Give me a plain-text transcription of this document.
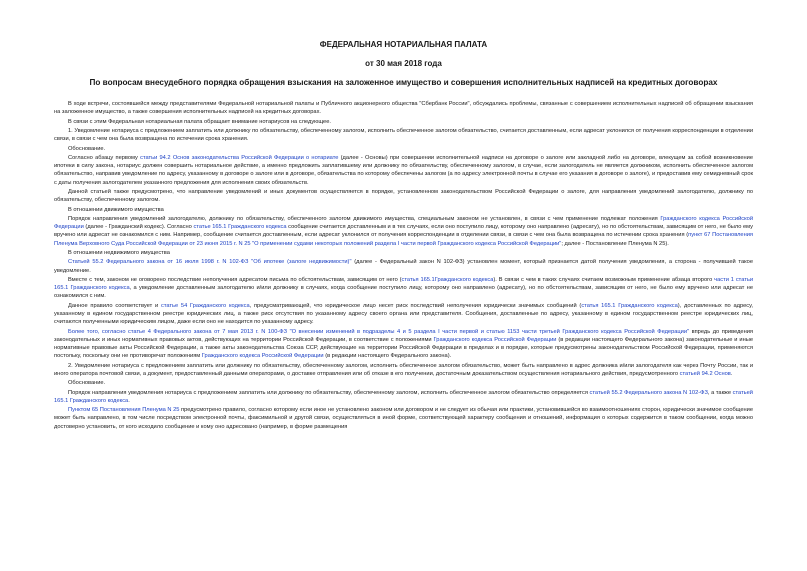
ФЕДЕРАЛЬНАЯ НОТАРИАЛЬНАЯ ПАЛАТА

от 30 мая 2018 года

По вопросам внесудебного порядка обращения взыскания на заложенное имущество и совершения исполнительных надписей на кредитных договорах

В ходе встречи, состоявшейся между представителями Федеральной нотариальной палаты и Публичного акционерного общества "Сбербанк России", обсуждались проблемы, связанные с совершением исполнительных надписей об обращении взыскания на заложенное имущество, а также совершения исполнительных надписей на кредитных договорах.

В связи с этим Федеральная нотариальная палата обращает внимание нотариусов на следующее.

1. Уведомление нотариуса с предложением заплатить или должнику по обязательству, обеспеченному залогом, исполнить обеспеченное залогом обязательство, считается доставленным, если адресат уклонился от получения корреспонденции в отделении связи, в связи с чем она была возвращена по истечении срока хранения.

Обоснование.

Согласно абзацу первому статьи 94.2 Основ законодательства Российской Федерации о нотариате (далее - Основы) при совершении исполнительной надписи на договоре о залоге или закладной либо на договоре, влекущем за собой возникновение ипотеки в силу закона, нотариус должен совершить нотариальное действие, а именно предложить заплатившему или должнику по обязательству, обеспеченному залогом, в случае, если залогодатель не является должником, исполнить обеспеченное залогом обязательство, направив уведомление по адресу, указанному в договоре о залоге или в договоре, обязательства по которому обеспечены залогом (а по адресу электронной почты в случае его указания в договоре о залоге), и предоставив ему семидневный срок с даты получения залогодателем указанного предложения для исполнения своих обязательств.

Данной статьей также предусмотрено, что направление уведомлений и иных документов осуществляется в порядке, установленном законодательством Российской Федерации о залоге, для направления уведомлений залогодателю, должнику по обязательству, обеспеченному залогом.

В отношении движимого имущества

Порядок направления уведомлений залогодателю, должнику по обязательству, обеспеченного залогом движимого имущества, специальным законом не установлен, в связи с чем применение подлежат положения Гражданского кодекса Российской Федерации (далее - Гражданский кодекс). Согласно статье 165.1 Гражданского кодекса сообщение считается доставленным и в тех случаях, если оно поступило лицу, которому оно направлено (адресату), но по обстоятельствам, зависящим от него, не было ему вручено или адресат не ознакомился с ним. Например, сообщение считается доставленным, если адресат уклонился от получения корреспонденции в отделении связи, в связи с чем она была возвращена по истечении срока хранения (пункт 67 Постановления Пленума Верховного Суда Российской Федерации от 23 июня 2015 г. N 25 "О применении судами некоторых положений раздела I части первой Гражданского кодекса Российской Федерации"; далее - Постановление Пленума N 25).

В отношении недвижимого имущества

Статьей 55.2 Федерального закона от 16 июля 1998 г. N 102-ФЗ "Об ипотеке (залоге недвижимости)" (далее - Федеральный закон N 102-ФЗ) установлен момент, который признается датой получения уведомления, а сторона - получившей такое уведомление.

Вместе с тем, законом не оговорено последствие неполучения адресатом письма по обстоятельствам, зависящим от него (статья 165.1Гражданского кодекса). В связи с чем в таких случаях считаем возможным применение абзаца второго части 1 статьи 165.1 Гражданского кодекса, а уведомление доставленным залогодателю и/или должнику в случаях, когда сообщение поступило лицу, которому оно направлено (адресату), но по обстоятельствам, зависящим от него, не было ему вручено или адресат не ознакомился с ним.

Данное правило соответствует и статье 54 Гражданского кодекса, предусматривающей, что юридическое лицо несет риск последствий неполучения юридически значимых сообщений (статья 165.1 Гражданского кодекса), доставленных по адресу, указанному в едином государственном реестре юридических лиц, а также риск отсутствия по указанному адресу своего органа или представителя. Сообщения, доставленные по адресу, указанному в едином государственном реестре юридических лиц, считаются полученными юридическим лицом, даже если оно не находится по указанному адресу.

Более того, согласно статье 4 Федерального закона от 7 мая 2013 г. N 100-ФЗ "О внесении изменений в подразделы 4 и 5 раздела I части первой и статью 1153 части третьей Гражданского кодекса Российской Федерации" впредь до приведения законодательных и иных нормативных правовых актов, действующих на территории Российской Федерации, в соответствие с положениями Гражданского кодекса Российской Федерации (в редакции настоящего Федерального закона) законодательные и иные нормативные правовые акты Российской Федерации, а также акты законодательства Союза ССР, действующие на территории Российской Федерации в пределах и в порядке, которые предусмотрены законодательством Российской Федерации, применяются постольку, поскольку они не противоречат положениям Гражданского кодекса Российской Федерации (в редакции настоящего Федерального закона).

2. Уведомление нотариуса с предложением заплатить или должнику по обязательству, обеспеченному залогом, исполнить обеспеченное залогом обязательство, может быть направлено в адрес должника и/или залогодателя как через Почту России, так и иного оператора почтовой связи, а документ, предоставленный данными операторами, о доставке отправления или об отказе в его получении, достаточным доказательством осуществления нотариального действия, предусмотренного статьей 94.2 Основ.

Обоснование.

Порядок направления уведомления нотариуса с предложением заплатить или должнику по обязательству, обеспеченному залогом, исполнить обеспеченное залогом обязательство определяется статьей 55.2 Федерального закона N 102-ФЗ, а также статьей 165.1 Гражданского кодекса.

Пунктом 65 Постановления Пленума N 25 предусмотрено правило, согласно которому если иное не установлено законом или договором и не следует из обычая или практики, установившейся во взаимоотношениях сторон, юридически значимое сообщение может быть направлено, в том числе посредством электронной почты, факсимильной и другой связи, осуществляться в иной форме, соответствующей характеру сообщения и отношений, информация о которых содержится в таком сообщении, когда можно достоверно установить, от кого исходило сообщение и кому оно адресовано (например, в форме размещения
